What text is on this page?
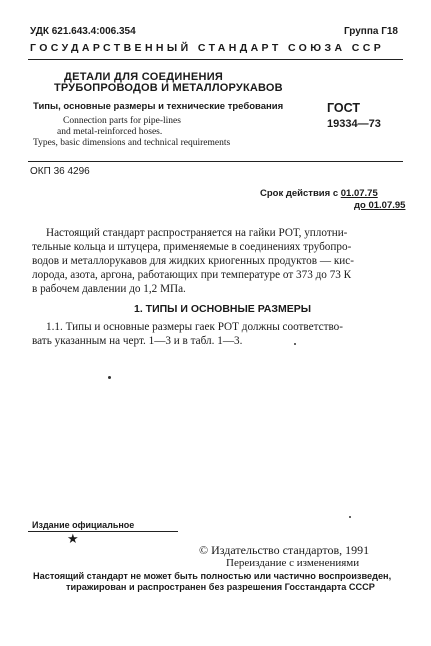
УДК 621.643.4:006.354	Группа Г18
ГОСУДАРСТВЕННЫЙ СТАНДАРТ СОЮЗА ССР
ДЕТАЛИ ДЛЯ СОЕДИНЕНИЯ
ТРУБОПРОВОДОВ И МЕТАЛЛОРУКАВОВ
Типы, основные размеры и технические требования	ГОСТ
19334—73
Connection parts for pipe-lines
and metal-reinforced hoses.
Types, basic dimensions and technical requirements
ОКП 36 4296
Срок действия с 01.07.75
до 01.07.95
Настоящий стандарт распространяется на гайки РОТ, уплотни-
тельные кольца и штуцера, применяемые в соединениях трубопро-
водов и металлорукавов для жидких криогенных продуктов — кис-
лорода, азота, аргона, работающих при температуре от 373 до 73 К
в рабочем давлении до 1,2 МПа.
1. ТИПЫ И ОСНОВНЫЕ РАЗМЕРЫ
1.1. Типы и основные размеры гаек РОТ должны соответство-
вать указанным на черт. 1—3 и в табл. 1—3.
Издание официальное
★
© Издательство стандартов, 1991
Переиздание с изменениями
Настоящий стандарт не может быть полностью или частично воспроизведен,
тиражирован и распространен без разрешения Госстандарта СССР
